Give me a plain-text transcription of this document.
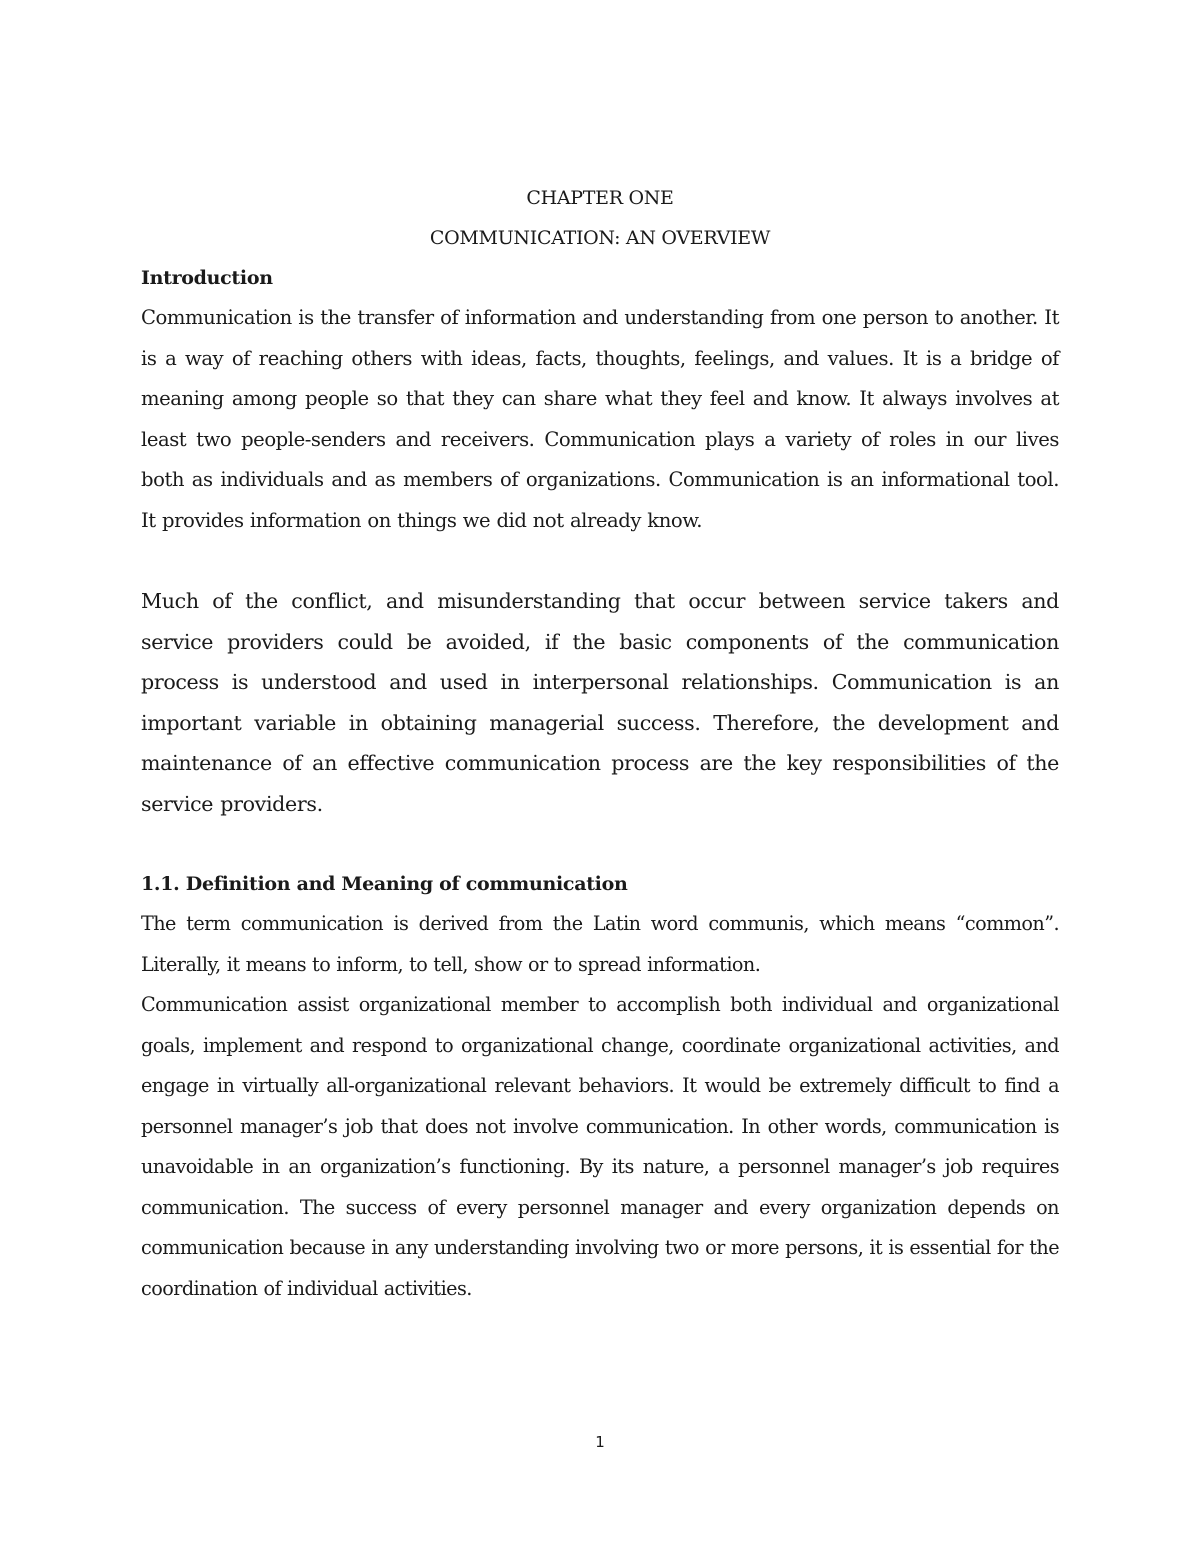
CHAPTER ONE
COMMUNICATION: AN OVERVIEW
Introduction

Communication is the transfer of information and understanding from one person to another. It is a way of reaching others with ideas, facts, thoughts, feelings, and values. It is a bridge of meaning among people so that they can share what they feel and know. It always involves at least two people-senders and receivers. Communication plays a variety of roles in our lives both as individuals and as members of organizations. Communication is an informational tool. It provides information on things we did not already know.

Much of the conflict, and misunderstanding that occur between service takers and service providers could be avoided, if the basic components of the communication process is understood and used in interpersonal relationships. Communication is an important variable in obtaining managerial success. Therefore, the development and maintenance of an effective communication process are the key responsibilities of the service providers.

1.1. Definition and Meaning of communication

The term communication is derived from the Latin word communis, which means “common”. Literally, it means to inform, to tell, show or to spread information.

Communication assist organizational member to accomplish both individual and organizational goals, implement and respond to organizational change, coordinate organizational activities, and engage in virtually all-organizational relevant behaviors. It would be extremely difficult to find a personnel manager’s job that does not involve communication. In other words, communication is unavoidable in an organization’s functioning. By its nature, a personnel manager’s job requires communication. The success of every personnel manager and every organization depends on communication because in any understanding involving two or more persons, it is essential for the coordination of individual activities.

1
